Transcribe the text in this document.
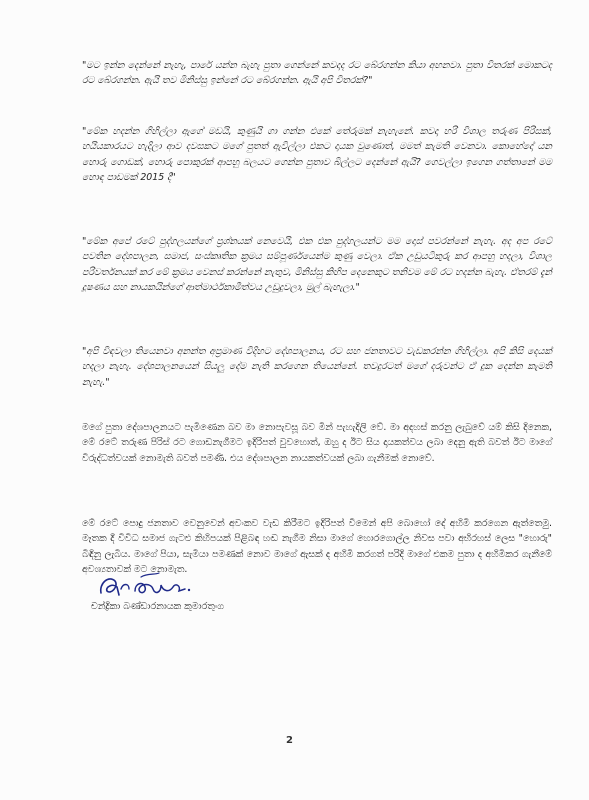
"මට ඉන්න දෙන්නේ නැහැ, පාරේ යන්න බැහැ පුතා ගෙන්නේ කවදාද රට බේරගන්න කියා අහනවා. පුතා විතරක් මොකටද රට බේරගන්න. ඇයි තව මිනිස්සු ඉන්නේ රට බේරගන්න. ඇයි අපි විතරක්?"

"මේක හදන්න ගිහිල්ලා ඇගේ මඩයි, කුණුයි ගා ගන්න එකේ තේරුමක් නැහැනේ. කවදා හරි විශාල තරුණ පිරිසක්, හයියකාරයට හැදිලා ආව දවසකට මගේ පුතත් ඇවිල්ලා එකට දායක වුණොත්, මමත් කැමති වෙනවා. කොහේදෝ යන හොරු ගොඩක්, හොරු පොකුරක් ආපහු බලයට ගෙන්න පුතාව බිල්ලට දෙන්නේ ඇයි? ගෙවල්ලා ඉගෙන ගත්තානේ මම හොඳ පාඩමක් 2015 දී"

"මේක අපේ රටේ පුද්ගලයන්ගේ ප්‍රශ්නයක් නෙවෙයි, එක එක පුද්ගලයන්ට මම දොස් පවරන්නේ නැහැ. අද අප රටේ පවතින දේශපාලන, සමාජ, සංස්කෘතික ක්‍රමය සම්පූර්ණයෙන්ම කුණු වෙලා. ඒක උඩුයටිකුරු කර ආපහු හදලා, විශාල පරිවර්තනයක් කර මේ ක්‍රමය වෙනස් කරන්නේ නැතුව, මිනිස්සු කිහිප දෙනෙකුට තනිවම මේ රට හදන්න බැහැ. ඒතරම් දැන් දූෂණය සහ නායකයින්ගේ ආත්මාර්ථකාමීත්වය උඩුදුවලා, මුල් බැහැලා."

"අපි විඳවලා තියෙනවා අනන්ත අප්‍රමාණ විදිහට දේශපාලනය, රට සහ ජනතාවට වැඩකරන්න ගිහිල්ලා. අපි කිසි දෙයක් හදලා නැහැ. දේශපාලනයෙන් සියලු දේම නැති කරගෙන තියෙන්නේ. තවදුරටත් මගේ දරුවන්ට ඒ දුක දෙන්න කැමති නැහැ."

මගේ පුතා දේශපාලනයට පැමිණෙන බව මා නොපැවසූ බව මින් පැහැදිලි වේ. මා අදහස් කරනු ලැබුවේ යම් කිසි දිනෙක, මේ රටේ තරුණ පිරිස් රට ගොඩනැගීමට ඉදිරිපත් වුවහොත්, ඔහු ද ඊට සිය දායකත්වය ලබා දෙනු ඇති බවත් ඊට මාගේ විරුද්ධත්වයක් නොමැති බවත් පමණි. එය දේශපාලන නායකත්වයක් ලබා ගැනීමක් නොවේ.

මේ රටේ පොදු ජනතාව වෙනුවෙන් අවංකව වැඩ කිරීමට ඉදිරිපත් වීමෙන් අපි බොහෝ දේ අහිමි කරගෙන ඇත්තෙමු. මෑතක දී විවිධ සමාජ ගැටළු කිහිපයක් පිළිබඳ හඬ නැගීම නිසා මාගේ හොරගොල්ල නිවස පවා අභිරහස් ලෙස "හොරු" බිඳිනු ලැබිය. මාගේ පියා, සැමියා පමණක් නොව මාගේ ඇසක් ද අහිමි කරගත් පරිදි මාගේ එකම පුතා ද අහිමිකර ගැනීමේ අවශ්‍යතාවක් මට නොමැත.

චන්ද්‍රිකා බණ්ඩාරනායක කුමාරතුංග
2
